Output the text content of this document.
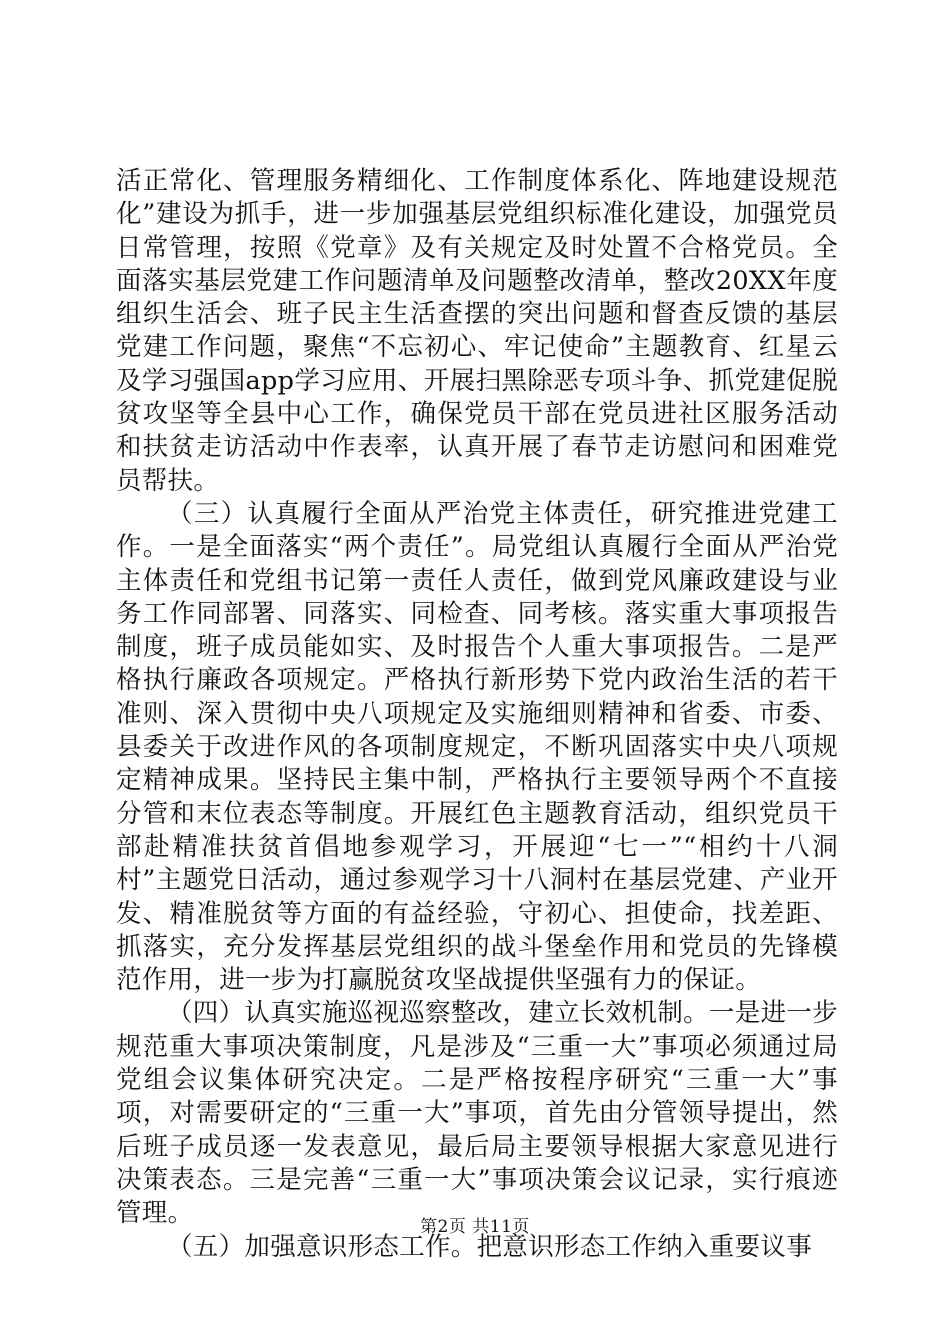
活正常化、管理服务精细化、工作制度体系化、阵地建设规范化”建设为抓手，进一步加强基层党组织标准化建设，加强党员日常管理，按照《党章》及有关规定及时处置不合格党员。全面落实基层党建工作问题清单及问题整改清单，整改20XX年度组织生活会、班子民主生活查摆的突出问题和督查反馈的基层党建工作问题，聚焦“不忘初心、牢记使命”主题教育、红星云及学习强国app学习应用、开展扫黑除恶专项斗争、抓党建促脱贫攻坚等全县中心工作，确保党员干部在党员进社区服务活动和扶贫走访活动中作表率，认真开展了春节走访慰问和困难党员帮扶。

（三）认真履行全面从严治党主体责任，研究推进党建工作。一是全面落实“两个责任”。局党组认真履行全面从严治党主体责任和党组书记第一责任人责任，做到党风廉政建设与业务工作同部署、同落实、同检查、同考核。落实重大事项报告制度，班子成员能如实、及时报告个人重大事项报告。二是严格执行廉政各项规定。严格执行新形势下党内政治生活的若干准则、深入贯彻中央八项规定及实施细则精神和省委、市委、县委关于改进作风的各项制度规定，不断巩固落实中央八项规定精神成果。坚持民主集中制，严格执行主要领导两个不直接分管和末位表态等制度。开展红色主题教育活动，组织党员干部赴精准扶贫首倡地参观学习，开展迎“七一”“相约十八洞村”主题党日活动，通过参观学习十八洞村在基层党建、产业开发、精准脱贫等方面的有益经验，守初心、担使命，找差距、抓落实，充分发挥基层党组织的战斗堡垒作用和党员的先锋模范作用，进一步为打赢脱贫攻坚战提供坚强有力的保证。

（四）认真实施巡视巡察整改，建立长效机制。一是进一步规范重大事项决策制度，凡是涉及“三重一大”事项必须通过局党组会议集体研究决定。二是严格按程序研究“三重一大”事项，对需要研定的“三重一大”事项，首先由分管领导提出，然后班子成员逐一发表意见，最后局主要领导根据大家意见进行决策表态。三是完善“三重一大”事项决策会议记录，实行痕迹管理。

（五）加强意识形态工作。把意识形态工作纳入重要议事

第2页 共11页
